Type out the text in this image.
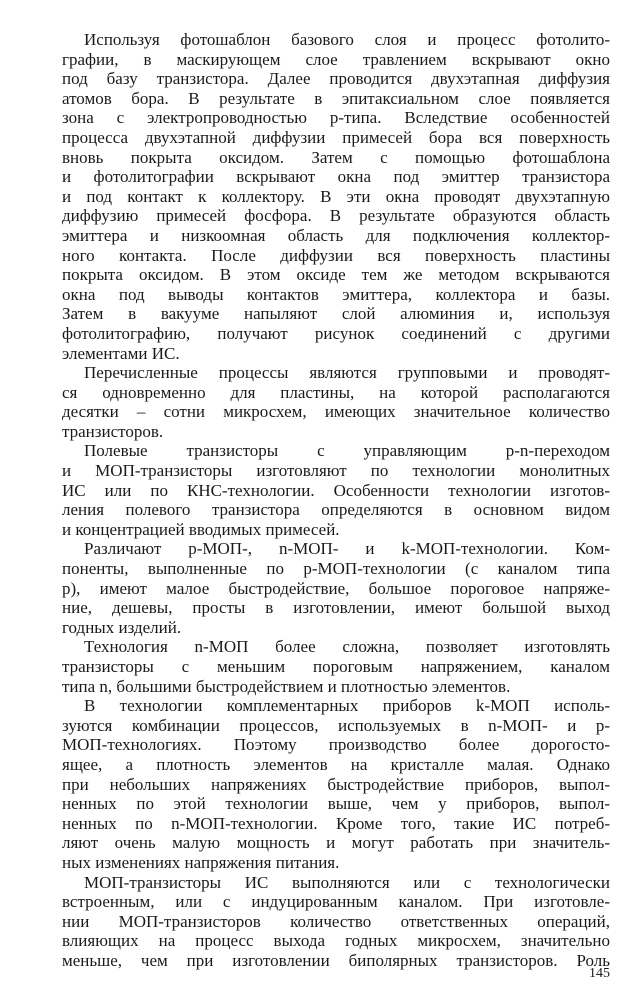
Используя фотошаблон базового слоя и процесс фотолито-
графии, в маскирующем слое травлением вскрывают окно
под базу транзистора. Далее проводится двухэтапная диффузия
атомов бора. В результате в эпитаксиальном слое появляется
зона с электропроводностью p-типа. Вследствие особенностей
процесса двухэтапной диффузии примесей бора вся поверхность
вновь покрыта оксидом. Затем с помощью фотошаблона
и фотолитографии вскрывают окна под эмиттер транзистора
и под контакт к коллектору. В эти окна проводят двухэтапную
диффузию примесей фосфора. В результате образуются область
эмиттера и низкоомная область для подключения коллектор-
ного контакта. После диффузии вся поверхность пластины
покрыта оксидом. В этом оксиде тем же методом вскрываются
окна под выводы контактов эмиттера, коллектора и базы.
Затем в вакууме напыляют слой алюминия и, используя
фотолитографию, получают рисунок соединений с другими
элементами ИС.

Перечисленные процессы являются групповыми и проводят-
ся одновременно для пластины, на которой располагаются
десятки – сотни микросхем, имеющих значительное количество
транзисторов.

Полевые транзисторы с управляющим p-n-переходом
и МОП-транзисторы изготовляют по технологии монолитных
ИС или по КНС-технологии. Особенности технологии изготов-
ления полевого транзистора определяются в основном видом
и концентрацией вводимых примесей.

Различают p-МОП-, n-МОП- и k-МОП-технологии. Ком-
поненты, выполненные по p-МОП-технологии (с каналом типа
p), имеют малое быстродействие, большое пороговое напряже-
ние, дешевы, просты в изготовлении, имеют большой выход
годных изделий.

Технология n-МОП более сложна, позволяет изготовлять
транзисторы с меньшим пороговым напряжением, каналом
типа n, большими быстродействием и плотностью элементов.

В технологии комплементарных приборов k-МОП исполь-
зуются комбинации процессов, используемых в n-МОП- и p-
МОП-технологиях. Поэтому производство более дорогосто-
ящее, а плотность элементов на кристалле малая. Однако
при небольших напряжениях быстродействие приборов, выпол-
ненных по этой технологии выше, чем у приборов, выпол-
ненных по n-МОП-технологии. Кроме того, такие ИС потреб-
ляют очень малую мощность и могут работать при значитель-
ных изменениях напряжения питания.

МОП-транзисторы ИС выполняются или с технологически
встроенным, или с индуцированным каналом. При изготовле-
нии МОП-транзисторов количество ответственных операций,
влияющих на процесс выхода годных микросхем, значительно
меньше, чем при изготовлении биполярных транзисторов. Роль

145
